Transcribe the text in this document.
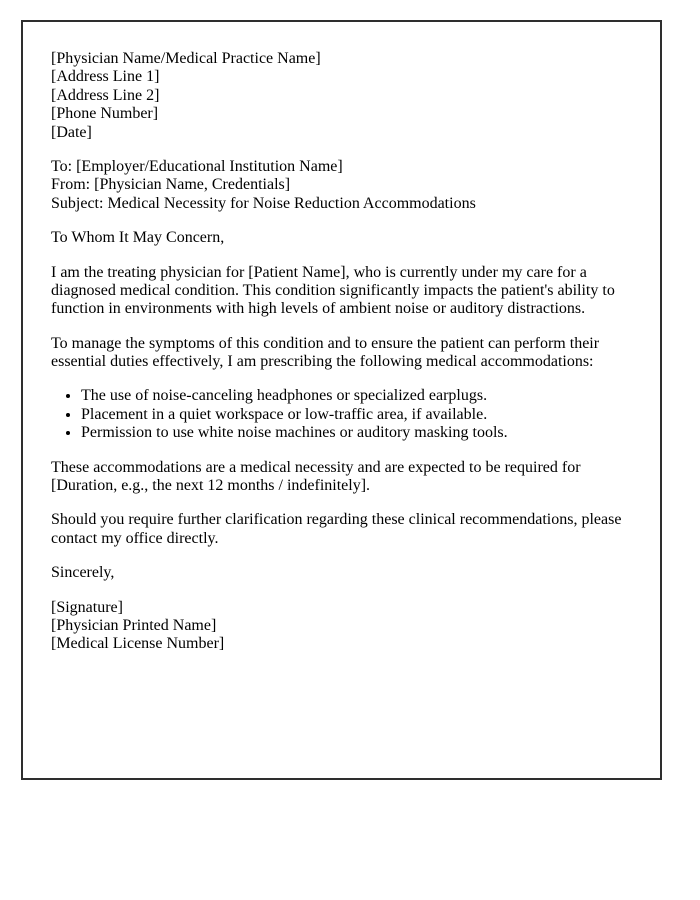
[Physician Name/Medical Practice Name]
[Address Line 1]
[Address Line 2]
[Phone Number]
[Date]
To: [Employer/Educational Institution Name]
From: [Physician Name, Credentials]
Subject: Medical Necessity for Noise Reduction Accommodations
To Whom It May Concern,
I am the treating physician for [Patient Name], who is currently under my care for a diagnosed medical condition. This condition significantly impacts the patient's ability to function in environments with high levels of ambient noise or auditory distractions.
To manage the symptoms of this condition and to ensure the patient can perform their essential duties effectively, I am prescribing the following medical accommodations:
• The use of noise-canceling headphones or specialized earplugs.
• Placement in a quiet workspace or low-traffic area, if available.
• Permission to use white noise machines or auditory masking tools.
These accommodations are a medical necessity and are expected to be required for [Duration, e.g., the next 12 months / indefinitely].
Should you require further clarification regarding these clinical recommendations, please contact my office directly.
Sincerely,
[Signature]
[Physician Printed Name]
[Medical License Number]
